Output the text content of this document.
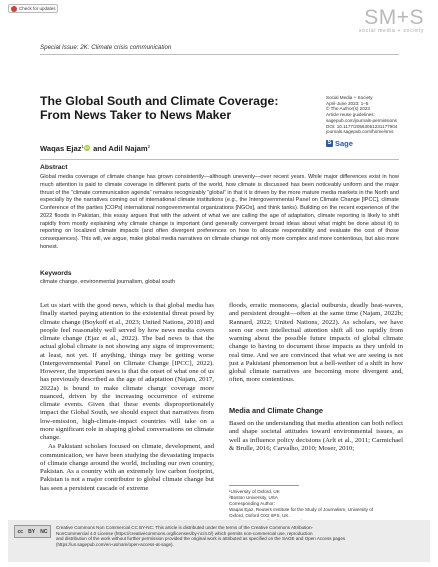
Check for updates	SM+S
social media + society
Special Issue: 2K: Climate crisis communication
The Global South and Climate Coverage:
From News Taker to News Maker
Social Media + Society
April-June 2023: 1–5
© The Author(s) 2023
Article reuse guidelines:
sagepub.com/journals-permissions
DOI: 10.1177/20563051231177904
journals.sagepub.com/home/sms
S Sage
Waqas Ejaz 1 iD
and Adil Najam 2
Abstract
Global media coverage of climate change has grown consistently—although unevenly—over recent years. While major differences exist in how much attention is paid to climate coverage in different parts of the world, how climate is discussed has been noticeably uniform and the major thrust of the “climate communication agenda” remains recognizably “global” in that it is driven by the more mature media markets in the North and especially by the narratives coming out of international climate institutions (e.g., the Intergovernmental Panel on Climate Change [IPCC], climate Conference of the parties [COPs] international nongovernmental organizations [NGOs], and think tanks). Building on the recent experience of the 2022 floods in Pakistan, this essay argues that with the advent of what we are calling the age of adaptation, climate reporting is likely to shift rapidly from mostly explaining why climate change is important (and generally convergent broad ideas about what might be done about it) to reporting on localized climate impacts (and often divergent preferences on how to allocate responsibility and evaluate the cost of those consequences). This will, we argue, make global media narratives on climate change not only more complex and more contentious, but also more honest.
Keywords
climate change, environmental journalism, global south

Let us start with the good news, which is that global media has finally started paying attention to the existential threat posed by climate change (Boykoff et al., 2023; United Nations, 2018) and people feel reasonably well served by how news media covers climate change (Ejaz et al., 2022). The bad news is that the actual global climate is not showing any signs of improvement; at least, not yet. If anything, things may be getting worse (Intergovernmental Panel on Climate Change [IPCC], 2022). However, the important news is that the onset of what one of us has previously described as the age of adaptation (Najam, 2017, 2022a) is bound to make climate change coverage more nuanced, driven by the increasing occurrence of extreme climate events. Given that these events disproportionately impact the Global South, we should expect that narratives from low-emission, high-climate-impact countries will take on a more significant role in shaping global conversations on climate change.

As Pakistani scholars focused on climate, development, and communication, we have been studying the devastating impacts of climate change around the world, including our own country, Pakistan. As a country with an extremely low carbon footprint, Pakistan is not a major contributor to global climate change but has seen a persistent cascade of extreme

floods, erratic monsoons, glacial outbursts, deadly heat-waves, and persistent drought—often at the same time (Najam, 2022b; Rannard, 2022; United Nations, 2022). As scholars, we have seen our own intellectual attention shift all too rapidly from warning about the possible future impacts of global climate change to having to document those impacts as they unfold in real time. And we are convinced that what we are seeing is not just a Pakistani phenomenon but a bell-wether of a shift in how global climate narratives are becoming more divergent and, often, more contentious.

Media and Climate Change
Based on the understanding that media attention can both reflect and shape societal attitudes toward environmental issues, as well as influence policy decisions (Arlt et al., 2011; Carmichael & Brulle, 2016; Carvalho, 2010; Moser, 2010;
¹University of Oxford, UK
²Boston University, USA
Corresponding Author:
Waqas Ejaz, Reuters Institute for the Study of Journalism, University of
Oxford, Oxford OX2 6PS, UK.
cc BY NC
Creative Commons Non Commercial CC BY-NC: This article is distributed under the terms of the Creative Commons Attribution-
NonCommercial 4.0 License (https://creativecommons.org/licenses/by-nc/4.0/) which permits non-commercial use, reproduction
and distribution of the work without further permission provided the original work is attributed as specified on the SAGE and Open Access pages
(https://us.sagepub.com/en-us/nam/open-access-at-sage).
